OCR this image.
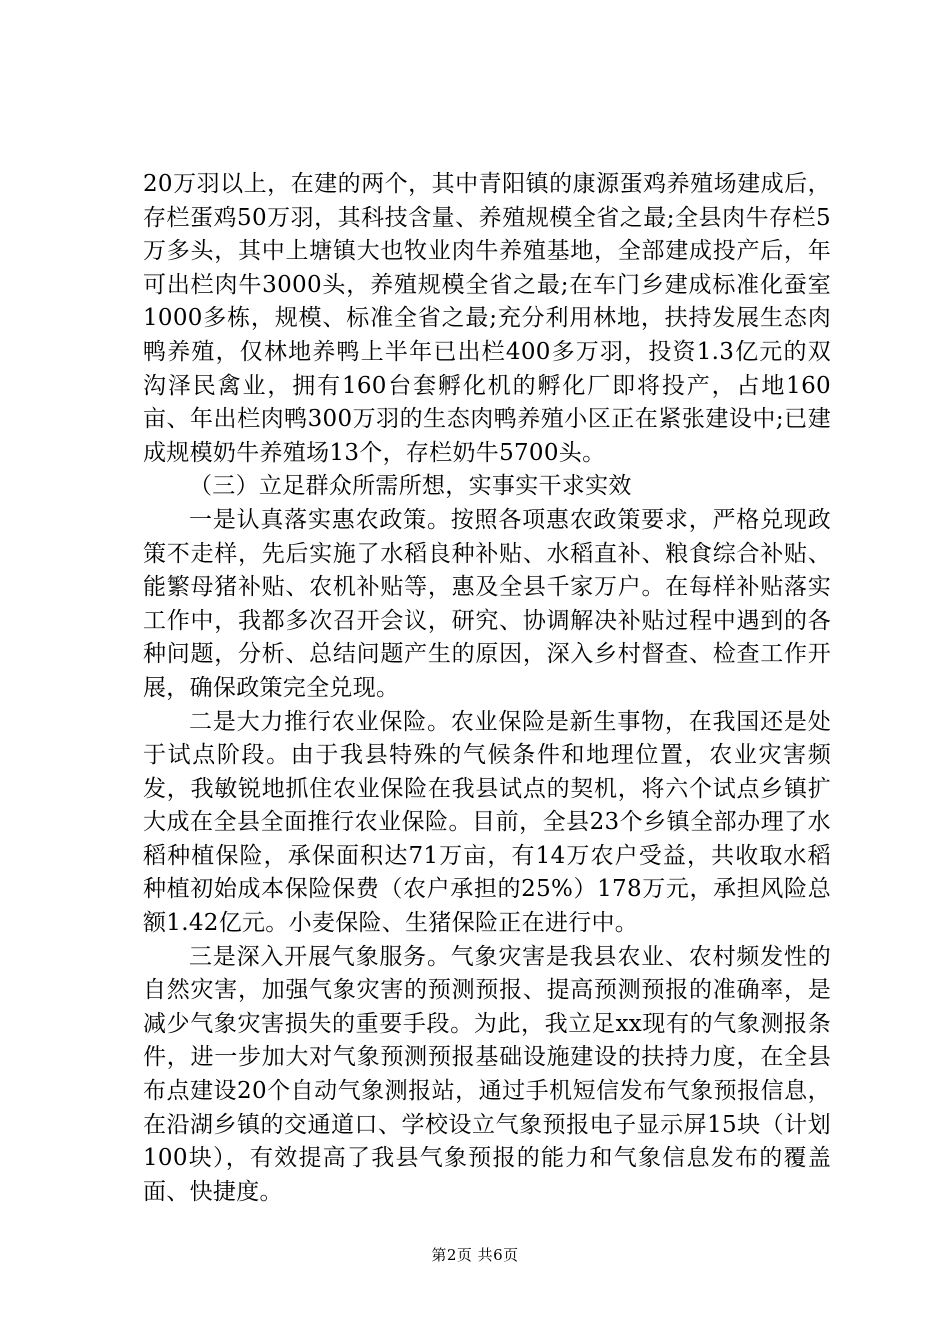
20万羽以上，在建的两个，其中青阳镇的康源蛋鸡养殖场建成后，存栏蛋鸡50万羽，其科技含量、养殖规模全省之最;全县肉牛存栏5万多头，其中上塘镇大也牧业肉牛养殖基地，全部建成投产后，年可出栏肉牛3000头，养殖规模全省之最;在车门乡建成标准化蚕室1000多栋，规模、标准全省之最;充分利用林地，扶持发展生态肉鸭养殖，仅林地养鸭上半年已出栏400多万羽，投资1.3亿元的双沟泽民禽业，拥有160台套孵化机的孵化厂即将投产，占地160亩、年出栏肉鸭300万羽的生态肉鸭养殖小区正在紧张建设中;已建成规模奶牛养殖场13个，存栏奶牛5700头。

（三）立足群众所需所想，实事实干求实效

一是认真落实惠农政策。按照各项惠农政策要求，严格兑现政策不走样，先后实施了水稻良种补贴、水稻直补、粮食综合补贴、能繁母猪补贴、农机补贴等，惠及全县千家万户。在每样补贴落实工作中，我都多次召开会议，研究、协调解决补贴过程中遇到的各种问题，分析、总结问题产生的原因，深入乡村督查、检查工作开展，确保政策完全兑现。

二是大力推行农业保险。农业保险是新生事物，在我国还是处于试点阶段。由于我县特殊的气候条件和地理位置，农业灾害频发，我敏锐地抓住农业保险在我县试点的契机，将六个试点乡镇扩大成在全县全面推行农业保险。目前，全县23个乡镇全部办理了水稻种植保险，承保面积达71万亩，有14万农户受益，共收取水稻种植初始成本保险保费（农户承担的25%）178万元，承担风险总额1.42亿元。小麦保险、生猪保险正在进行中。

三是深入开展气象服务。气象灾害是我县农业、农村频发性的自然灾害，加强气象灾害的预测预报、提高预测预报的准确率，是减少气象灾害损失的重要手段。为此，我立足xx现有的气象测报条件，进一步加大对气象预测预报基础设施建设的扶持力度，在全县布点建设20个自动气象测报站，通过手机短信发布气象预报信息，在沿湖乡镇的交通道口、学校设立气象预报电子显示屏15块（计划100块），有效提高了我县气象预报的能力和气象信息发布的覆盖面、快捷度。

第2页 共6页
